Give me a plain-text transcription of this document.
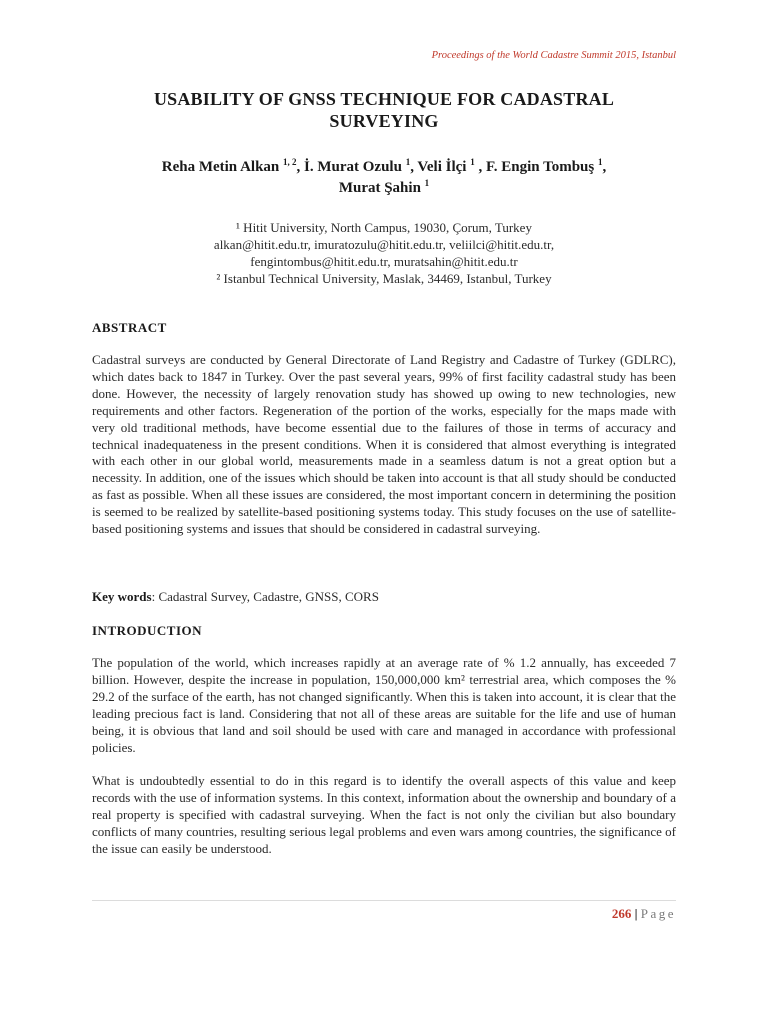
Proceedings of the World Cadastre Summit 2015, Istanbul
USABILITY OF GNSS TECHNIQUE FOR CADASTRAL
SURVEYING
Reha Metin Alkan $^{1, 2}$, İ. Murat Ozulu $^1$, Veli İlçi $^1$ , F. Engin Tombuş $^1$,
Murat Şahin $^1$
¹ Hitit University, North Campus, 19030, Çorum, Turkey
alkan@hitit.edu.tr, imuratozulu@hitit.edu.tr, veliilci@hitit.edu.tr,
fengintombus@hitit.edu.tr, muratsahin@hitit.edu.tr
² Istanbul Technical University, Maslak, 34469, Istanbul, Turkey
ABSTRACT
Cadastral surveys are conducted by General Directorate of Land Registry and Cadastre of Turkey (GDLRC), which dates back to 1847 in Turkey. Over the past several years, 99% of first facility cadastral study has been done. However, the necessity of largely renovation study has showed up owing to new technologies, new requirements and other factors. Regeneration of the portion of the works, especially for the maps made with very old traditional methods, have become essential due to the failures of those in terms of accuracy and technical inadequateness in the present conditions. When it is considered that almost everything is integrated with each other in our global world, measurements made in a seamless datum is not a great option but a necessity. In addition, one of the issues which should be taken into account is that all study should be conducted as fast as possible. When all these issues are considered, the most important concern in determining the position is seemed to be realized by satellite-based positioning systems today. This study focuses on the use of satellite-based positioning systems and issues that should be considered in cadastral surveying.
Key words: Cadastral Survey, Cadastre, GNSS, CORS
INTRODUCTION
The population of the world, which increases rapidly at an average rate of % 1.2 annually, has exceeded 7 billion. However, despite the increase in population, 150,000,000 km² terrestrial area, which composes the % 29.2 of the surface of the earth, has not changed significantly. When this is taken into account, it is clear that the leading precious fact is land. Considering that not all of these areas are suitable for the life and use of human being, it is obvious that land and soil should be used with care and managed in accordance with professional policies.
What is undoubtedly essential to do in this regard is to identify the overall aspects of this value and keep records with the use of information systems. In this context, information about the ownership and boundary of a real property is specified with cadastral surveying. When the fact is not only the civilian but also boundary conflicts of many countries, resulting serious legal problems and even wars among countries, the significance of the issue can easily be understood.
266 | Page
